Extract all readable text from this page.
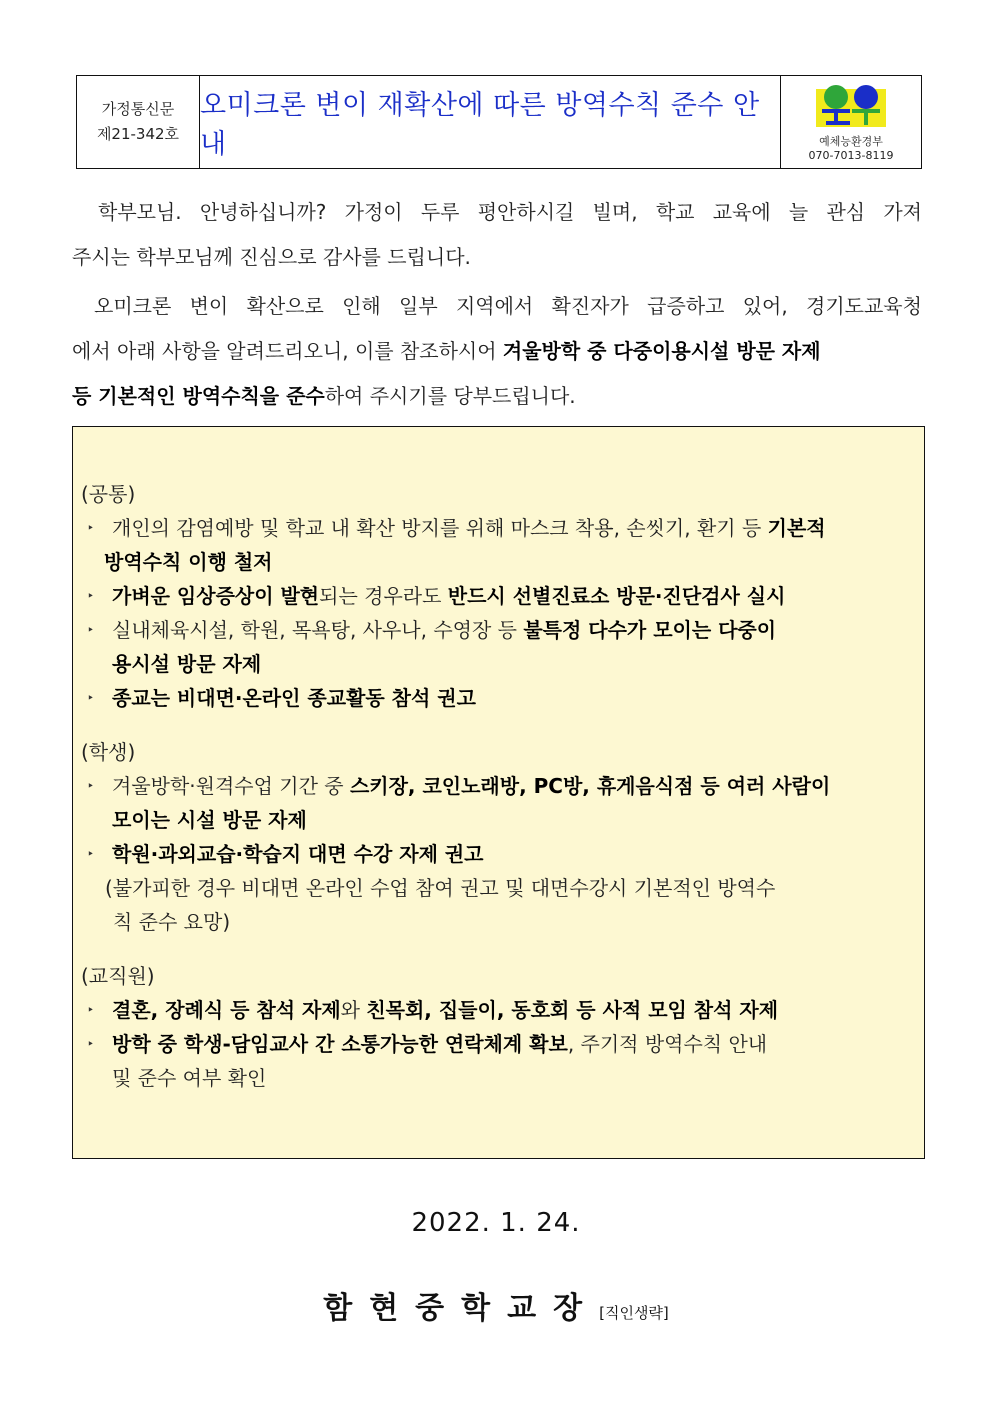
가정통신문
제21-342호
오미크론 변이 재확산에 따른 방역수칙 준수 안내	예체능환경부
070-7013-8119
학부모님. 안녕하십니까? 가정이 두루 평안하시길 빌며, 학교 교육에 늘 관심 가져
주시는 학부모님께 진심으로 감사를 드립니다.
오미크론 변이 확산으로 인해 일부 지역에서 확진자가 급증하고 있어, 경기도교육청
에서 아래 사항을 알려드리오니, 이를 참조하시어 겨울방학 중 다중이용시설 방문 자제
등 기본적인 방역수칙을 준수하여 주시기를 당부드립니다.
(공통)
‣ 개인의 감염예방 및 학교 내 확산 방지를 위해 마스크 착용, 손씻기, 환기 등 기본적
방역수칙 이행 철저
‣ 가벼운 임상증상이 발현되는 경우라도 반드시 선별진료소 방문·진단검사 실시
‣ 실내체육시설, 학원, 목욕탕, 사우나, 수영장 등 불특정 다수가 모이는 다중이
용시설 방문 자제
‣ 종교는 비대면·온라인 종교활동 참석 권고
(학생)
‣ 겨울방학·원격수업 기간 중 스키장, 코인노래방, PC방, 휴게음식점 등 여러 사람이
모이는 시설 방문 자제
‣ 학원·과외교습·학습지 대면 수강 자제 권고
(불가피한 경우 비대면 온라인 수업 참여 권고 및 대면수강시 기본적인 방역수
칙 준수 요망)
(교직원)
‣ 결혼, 장례식 등 참석 자제와 친목회, 집들이, 동호회 등 사적 모임 참석 자제
‣ 방학 중 학생-담임교사 간 소통가능한 연락체계 확보, 주기적 방역수칙 안내
및 준수 여부 확인
2022. 1. 24.
함현중학교장[직인생략]
